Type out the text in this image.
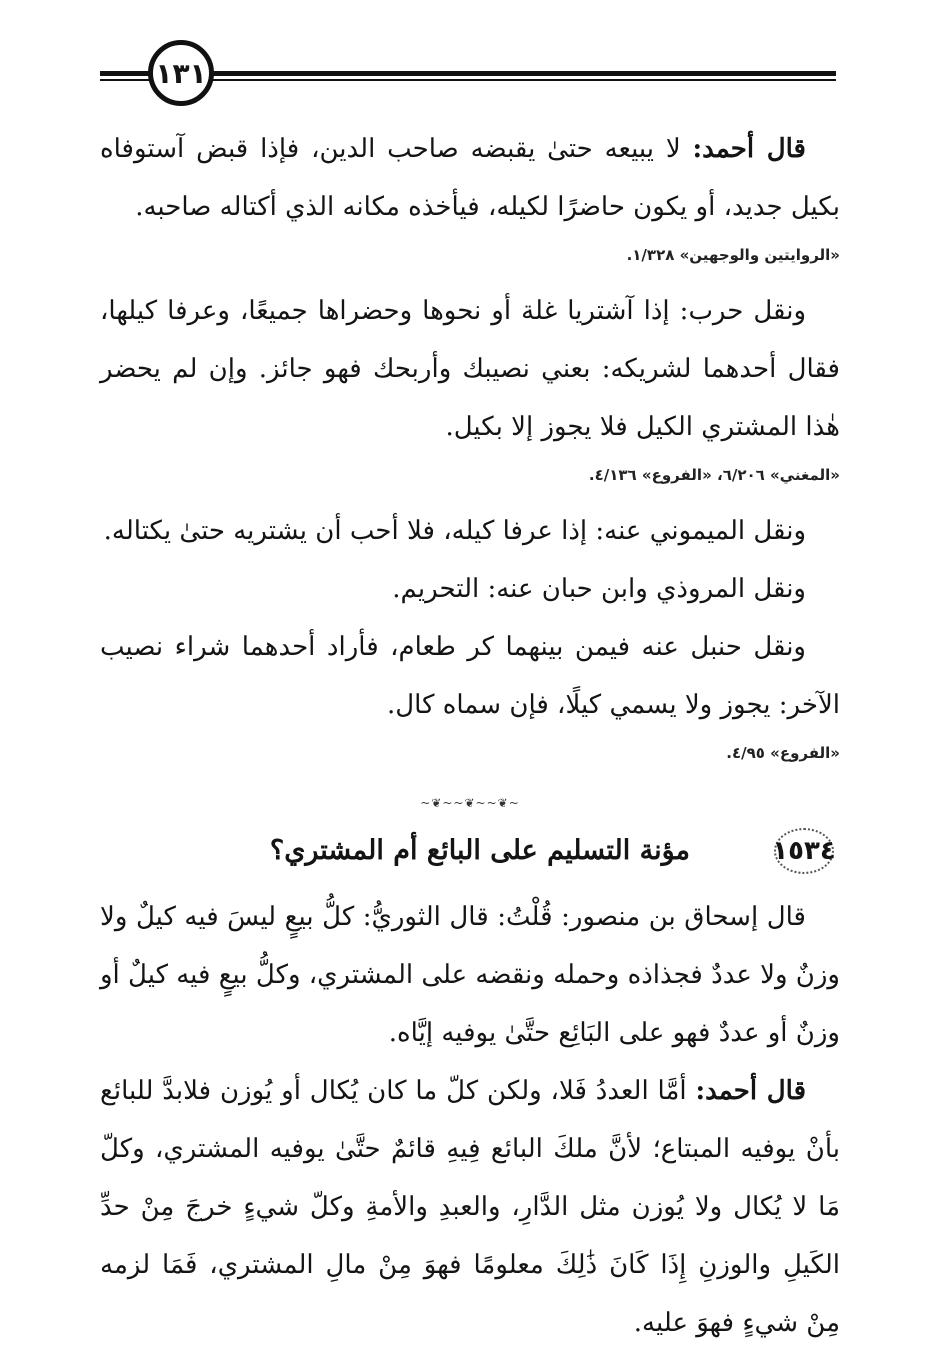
١٣١

قال أحمد: لا يبيعه حتىٰ يقبضه صاحب الدين، فإذا قبض آستوفاه بكيل جديد، أو يكون حاضرًا لكيله، فيأخذه مكانه الذي أكتاله صاحبه.

«الروايتين والوجهين» ١/٣٢٨.

ونقل حرب: إذا آشتريا غلة أو نحوها وحضراها جميعًا، وعرفا كيلها، فقال أحدهما لشريكه: بعني نصيبك وأربحك فهو جائز. وإن لم يحضر هٰذا المشتري الكيل فلا يجوز إلا بكيل.

«المغني» ٦/٢٠٦، «الفروع» ٤/١٣٦.

ونقل الميموني عنه: إذا عرفا كيله، فلا أحب أن يشتريه حتىٰ يكتاله.

ونقل المروذي وابن حبان عنه: التحريم.

ونقل حنبل عنه فيمن بينهما كر طعام، فأراد أحدهما شراء نصيب الآخر: يجوز ولا يسمي كيلًا، فإن سماه كال.

«الفروع» ٤/٩٥.
~❦~~❦~~❦~
١٥٣٤
مؤنة التسليم على البائع أم المشتري؟

قال إسحاق بن منصور: قُلْتُ: قال الثوريُّ: كلُّ بيعٍ ليسَ فيه كيلٌ ولا وزنٌ ولا عددٌ فجذاذه وحمله ونقضه على المشتري، وكلُّ بيعٍ فيه كيلٌ أو وزنٌ أو عددٌ فهو على البَائِع حتَّىٰ يوفيه إيَّاه.

قال أحمد: أمَّا العددُ فَلا، ولكن كلّ ما كان يُكال أو يُوزن فلابدَّ للبائع بأنْ يوفيه المبتاع؛ لأنَّ ملكَ البائع فِيهِ قائمٌ حتَّىٰ يوفيه المشتري، وكلّ مَا لا يُكال ولا يُوزن مثل الدَّارِ، والعبدِ والأمةِ وكلّ شيءٍ خرجَ مِنْ حدِّ الكَيلِ والوزنِ إِذَا كَانَ ذَٰلِكَ معلومًا فهوَ مِنْ مالِ المشتري، فَمَا لزمه مِنْ شيءٍ فهوَ عليه.
